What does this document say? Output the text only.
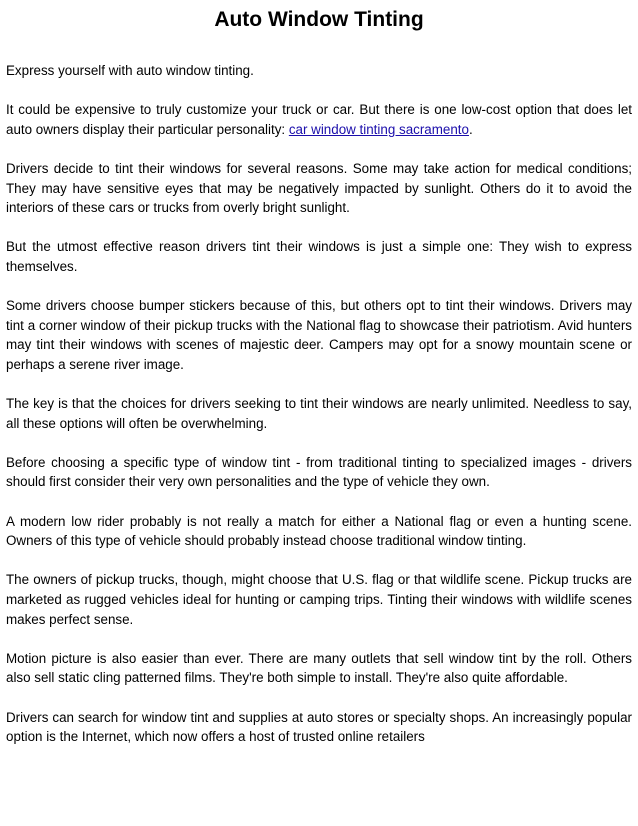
Auto Window Tinting

Express yourself with auto window tinting.

It could be expensive to truly customize your truck or car. But there is one low-cost option that does let auto owners display their particular personality: car window tinting sacramento.

Drivers decide to tint their windows for several reasons. Some may take action for medical conditions; They may have sensitive eyes that may be negatively impacted by sunlight. Others do it to avoid the interiors of these cars or trucks from overly bright sunlight.

But the utmost effective reason drivers tint their windows is just a simple one: They wish to express themselves.

Some drivers choose bumper stickers because of this, but others opt to tint their windows. Drivers may tint a corner window of their pickup trucks with the National flag to showcase their patriotism. Avid hunters may tint their windows with scenes of majestic deer. Campers may opt for a snowy mountain scene or perhaps a serene river image.

The key is that the choices for drivers seeking to tint their windows are nearly unlimited. Needless to say, all these options will often be overwhelming.

Before choosing a specific type of window tint - from traditional tinting to specialized images - drivers should first consider their very own personalities and the type of vehicle they own.

A modern low rider probably is not really a match for either a National flag or even a hunting scene. Owners of this type of vehicle should probably instead choose traditional window tinting.

The owners of pickup trucks, though, might choose that U.S. flag or that wildlife scene. Pickup trucks are marketed as rugged vehicles ideal for hunting or camping trips. Tinting their windows with wildlife scenes makes perfect sense.

Motion picture is also easier than ever. There are many outlets that sell window tint by the roll. Others also sell static cling patterned films. They're both simple to install. They're also quite affordable.

Drivers can search for window tint and supplies at auto stores or specialty shops. An increasingly popular option is the Internet, which now offers a host of trusted online retailers
